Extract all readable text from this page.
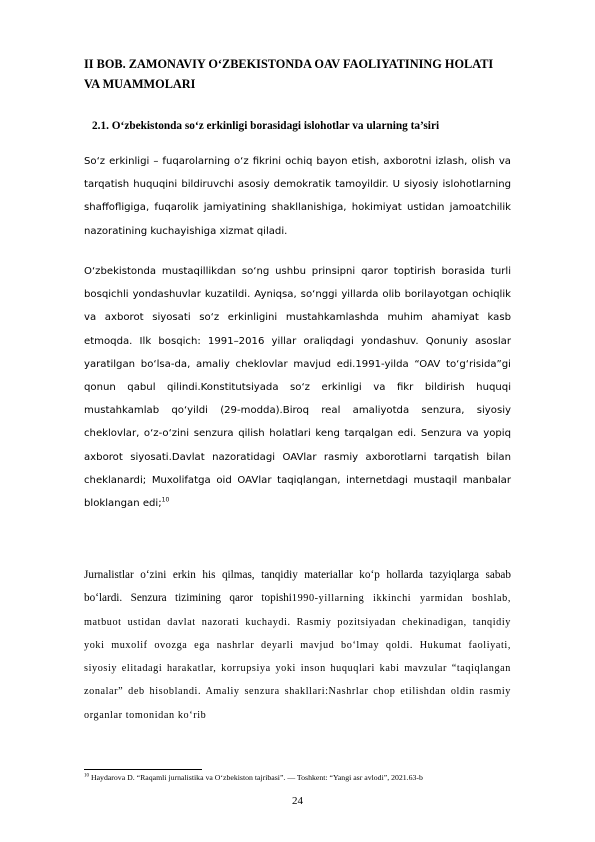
II BOB. ZAMONAVIY O‘ZBEKISTONDA OAV FAOLIYATINING HOLATI VA MUAMMOLARI
2.1. O‘zbekistonda so‘z erkinligi borasidagi islohotlar va ularning ta’siri

So‘z erkinligi – fuqarolarning o‘z fikrini ochiq bayon etish, axborotni izlash, olish va tarqatish huquqini bildiruvchi asosiy demokratik tamoyildir. U siyosiy islohotlarning shaffofligiga, fuqarolik jamiyatining shakllanishiga, hokimiyat ustidan jamoatchilik nazoratining kuchayishiga xizmat qiladi.

O‘zbekistonda mustaqillikdan so‘ng ushbu prinsipni qaror toptirish borasida turli bosqichli yondashuvlar kuzatildi. Ayniqsa, so‘nggi yillarda olib borilayotgan ochiqlik va axborot siyosati so‘z erkinligini mustahkamlashda muhim ahamiyat kasb etmoqda. Ilk bosqich: 1991–2016 yillar oraliqdagi yondashuv. Qonuniy asoslar yaratilgan bo‘lsa-da, amaliy cheklovlar mavjud edi.1991-yilda “OAV to‘g‘risida”gi qonun qabul qilindi.Konstitutsiyada so‘z erkinligi va fikr bildirish huquqi mustahkamlab qo‘yildi (29-modda).Biroq real amaliyotda senzura, siyosiy cheklovlar, o‘z-o‘zini senzura qilish holatlari keng tarqalgan edi. Senzura va yopiq axborot siyosati.Davlat nazoratidagi OAVlar rasmiy axborotlarni tarqatish bilan cheklanardi; Muxolifatga oid OAVlar taqiqlangan, internetdagi mustaqil manbalar bloklangan edi;$^{10}$

Jurnalistlar o‘zini erkin his qilmas, tanqidiy materiallar ko‘p hollarda tazyiqlarga sabab bo‘lardi. Senzura tizimining qaror topishi1990-yillarning ikkinchi yarmidan boshlab, matbuot ustidan davlat nazorati kuchaydi. Rasmiy pozitsiyadan chekinadigan, tanqidiy yoki muxolif ovozga ega nashrlar deyarli mavjud bo‘lmay qoldi. Hukumat faoliyati, siyosiy elitadagi harakatlar, korrupsiya yoki inson huquqlari kabi mavzular “taqiqlangan zonalar” deb hisoblandi. Amaliy senzura shakllari:Nashrlar chop etilishdan oldin rasmiy organlar tomonidan ko‘rib

$^{10}$ Haydarova D. “Raqamli jurnalistika va O‘zbekiston tajribasi”. — Toshkent: “Yangi asr avlodi”, 2021.63-b
24
